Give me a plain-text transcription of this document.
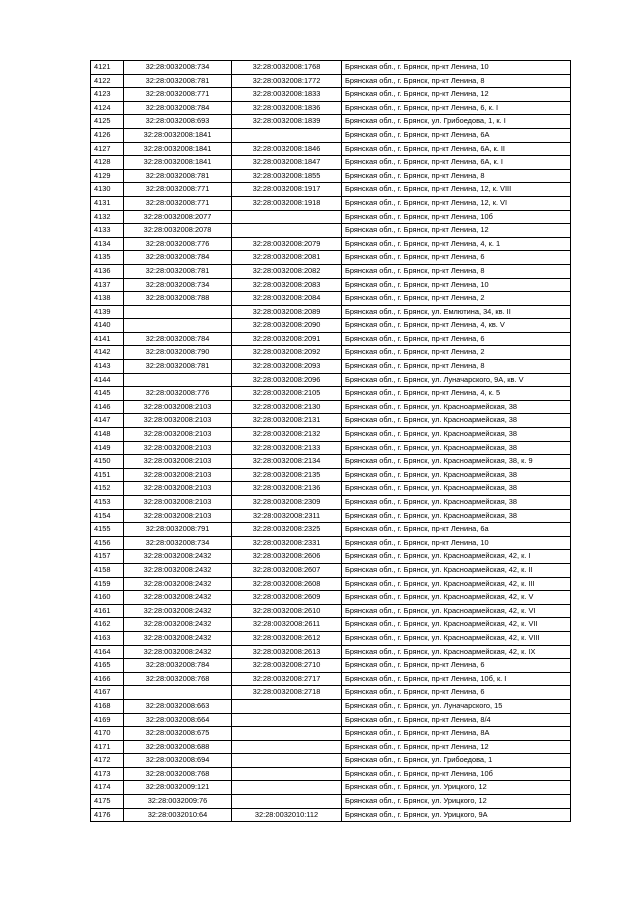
4121	32:28:0032008:734	32:28:0032008:1768	Брянская обл., г. Брянск, пр-кт Ленина, 10
4122	32:28:0032008:781	32:28:0032008:1772	Брянская обл., г. Брянск, пр-кт Ленина, 8
4123	32:28:0032008:771	32:28:0032008:1833	Брянская обл., г. Брянск, пр-кт Ленина, 12
4124	32:28:0032008:784	32:28:0032008:1836	Брянская обл., г. Брянск, пр-кт Ленина, 6, к. I
4125	32:28:0032008:693	32:28:0032008:1839	Брянская обл., г. Брянск, ул. Грибоедова, 1, к. I
4126	32:28:0032008:1841		Брянская обл., г. Брянск, пр-кт Ленина, 6А
4127	32:28:0032008:1841	32:28:0032008:1846	Брянская обл., г. Брянск, пр-кт Ленина, 6А, к. II
4128	32:28:0032008:1841	32:28:0032008:1847	Брянская обл., г. Брянск, пр-кт Ленина, 6А, к. I
4129	32:28:0032008:781	32:28:0032008:1855	Брянская обл., г. Брянск, пр-кт Ленина, 8
4130	32:28:0032008:771	32:28:0032008:1917	Брянская обл., г. Брянск, пр-кт Ленина, 12, к. VIII
4131	32:28:0032008:771	32:28:0032008:1918	Брянская обл., г. Брянск, пр-кт Ленина, 12, к. VI
4132	32:28:0032008:2077		Брянская обл., г. Брянск, пр-кт Ленина, 10б
4133	32:28:0032008:2078		Брянская обл., г. Брянск, пр-кт Ленина, 12
4134	32:28:0032008:776	32:28:0032008:2079	Брянская обл., г. Брянск, пр-кт Ленина, 4, к. 1
4135	32:28:0032008:784	32:28:0032008:2081	Брянская обл., г. Брянск, пр-кт Ленина, 6
4136	32:28:0032008:781	32:28:0032008:2082	Брянская обл., г. Брянск, пр-кт Ленина, 8
4137	32:28:0032008:734	32:28:0032008:2083	Брянская обл., г. Брянск, пр-кт Ленина, 10
4138	32:28:0032008:788	32:28:0032008:2084	Брянская обл., г. Брянск, пр-кт Ленина, 2
4139		32:28:0032008:2089	Брянская обл., г. Брянск, ул. Емлютина, 34, кв. II
4140		32:28:0032008:2090	Брянская обл., г. Брянск, пр-кт Ленина, 4, кв. V
4141	32:28:0032008:784	32:28:0032008:2091	Брянская обл., г. Брянск, пр-кт Ленина, 6
4142	32:28:0032008:790	32:28:0032008:2092	Брянская обл., г. Брянск, пр-кт Ленина, 2
4143	32:28:0032008:781	32:28:0032008:2093	Брянская обл., г. Брянск, пр-кт Ленина, 8
4144		32:28:0032008:2096	Брянская обл., г. Брянск, ул. Луначарского, 9А, кв. V
4145	32:28:0032008:776	32:28:0032008:2105	Брянская обл., г. Брянск, пр-кт Ленина, 4, к. 5
4146	32:28:0032008:2103	32:28:0032008:2130	Брянская обл., г. Брянск, ул. Красноармейская, 38
4147	32:28:0032008:2103	32:28:0032008:2131	Брянская обл., г. Брянск, ул. Красноармейская, 38
4148	32:28:0032008:2103	32:28:0032008:2132	Брянская обл., г. Брянск, ул. Красноармейская, 38
4149	32:28:0032008:2103	32:28:0032008:2133	Брянская обл., г. Брянск, ул. Красноармейская, 38
4150	32:28:0032008:2103	32:28:0032008:2134	Брянская обл., г. Брянск, ул. Красноармейская, 38, к. 9
4151	32:28:0032008:2103	32:28:0032008:2135	Брянская обл., г. Брянск, ул. Красноармейская, 38
4152	32:28:0032008:2103	32:28:0032008:2136	Брянская обл., г. Брянск, ул. Красноармейская, 38
4153	32:28:0032008:2103	32:28:0032008:2309	Брянская обл., г. Брянск, ул. Красноармейская, 38
4154	32:28:0032008:2103	32:28:0032008:2311	Брянская обл., г. Брянск, ул. Красноармейская, 38
4155	32:28:0032008:791	32:28:0032008:2325	Брянская обл., г. Брянск, пр-кт Ленина, 6а
4156	32:28:0032008:734	32:28:0032008:2331	Брянская обл., г. Брянск, пр-кт Ленина, 10
4157	32:28:0032008:2432	32:28:0032008:2606	Брянская обл., г. Брянск, ул. Красноармейская, 42, к. I
4158	32:28:0032008:2432	32:28:0032008:2607	Брянская обл., г. Брянск, ул. Красноармейская, 42, к. II
4159	32:28:0032008:2432	32:28:0032008:2608	Брянская обл., г. Брянск, ул. Красноармейская, 42, к. III
4160	32:28:0032008:2432	32:28:0032008:2609	Брянская обл., г. Брянск, ул. Красноармейская, 42, к. V
4161	32:28:0032008:2432	32:28:0032008:2610	Брянская обл., г. Брянск, ул. Красноармейская, 42, к. VI
4162	32:28:0032008:2432	32:28:0032008:2611	Брянская обл., г. Брянск, ул. Красноармейская, 42, к. VII
4163	32:28:0032008:2432	32:28:0032008:2612	Брянская обл., г. Брянск, ул. Красноармейская, 42, к. VIII
4164	32:28:0032008:2432	32:28:0032008:2613	Брянская обл., г. Брянск, ул. Красноармейская, 42, к. IX
4165	32:28:0032008:784	32:28:0032008:2710	Брянская обл., г. Брянск, пр-кт Ленина, 6
4166	32:28:0032008:768	32:28:0032008:2717	Брянская обл., г. Брянск, пр-кт Ленина, 10б, к. I
4167		32:28:0032008:2718	Брянская обл., г. Брянск, пр-кт Ленина, 6
4168	32:28:0032008:663		Брянская обл., г. Брянск, ул. Луначарского, 15
4169	32:28:0032008:664		Брянская обл., г. Брянск, пр-кт Ленина, 8/4
4170	32:28:0032008:675		Брянская обл., г. Брянск, пр-кт Ленина, 8А
4171	32:28:0032008:688		Брянская обл., г. Брянск, пр-кт Ленина, 12
4172	32:28:0032008:694		Брянская обл., г. Брянск, ул. Грибоедова, 1
4173	32:28:0032008:768		Брянская обл., г. Брянск, пр-кт Ленина, 10б
4174	32:28:0032009:121		Брянская обл., г. Брянск, ул. Урицкого, 12
4175	32:28:0032009:76		Брянская обл., г. Брянск, ул. Урицкого, 12
4176	32:28:0032010:64	32:28:0032010:112	Брянская обл., г. Брянск, ул. Урицкого, 9А
